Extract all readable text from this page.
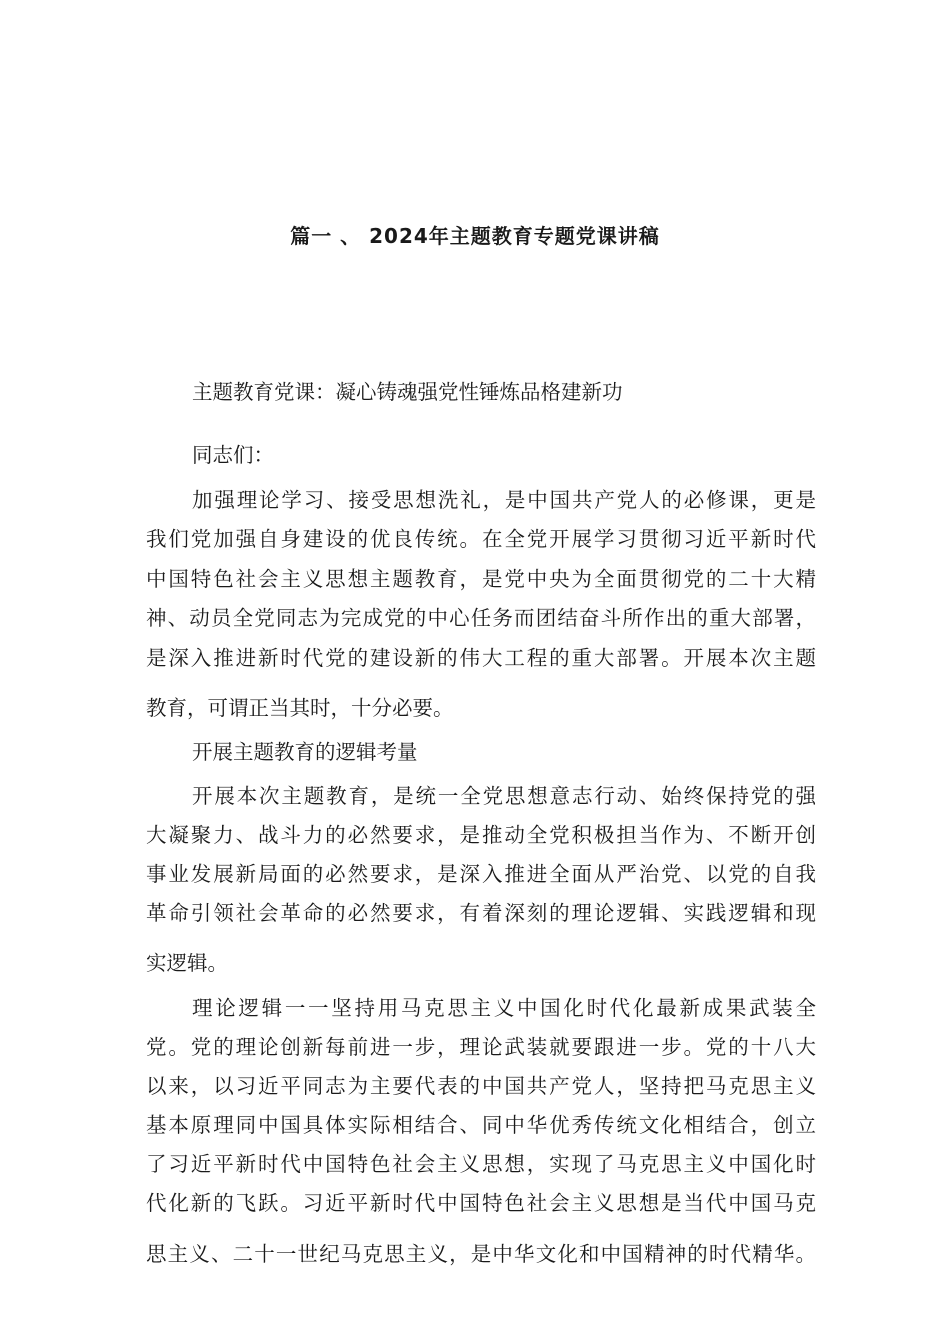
篇一 、 2024年主题教育专题党课讲稿
主题教育党课：凝心铸魂强党性锤炼品格建新功
同志们：
加强理论学习、接受思想洗礼，是中国共产党人的必修课，更是
我们党加强自身建设的优良传统。在全党开展学习贯彻习近平新时代
中国特色社会主义思想主题教育，是党中央为全面贯彻党的二十大精
神、动员全党同志为完成党的中心任务而团结奋斗所作出的重大部署，
是深入推进新时代党的建设新的伟大工程的重大部署。开展本次主题
教育，可谓正当其时，十分必要。
开展主题教育的逻辑考量
开展本次主题教育，是统一全党思想意志行动、始终保持党的强
大凝聚力、战斗力的必然要求，是推动全党积极担当作为、不断开创
事业发展新局面的必然要求，是深入推进全面从严治党、以党的自我
革命引领社会革命的必然要求，有着深刻的理论逻辑、实践逻辑和现
实逻辑。
理论逻辑一一坚持用马克思主义中国化时代化最新成果武装全
党。党的理论创新每前进一步，理论武装就要跟进一步。党的十八大
以来，以习近平同志为主要代表的中国共产党人，坚持把马克思主义
基本原理同中国具体实际相结合、同中华优秀传统文化相结合，创立
了习近平新时代中国特色社会主义思想，实现了马克思主义中国化时
代化新的飞跃。习近平新时代中国特色社会主义思想是当代中国马克
思主义、二十一世纪马克思主义，是中华文化和中国精神的时代精华。
